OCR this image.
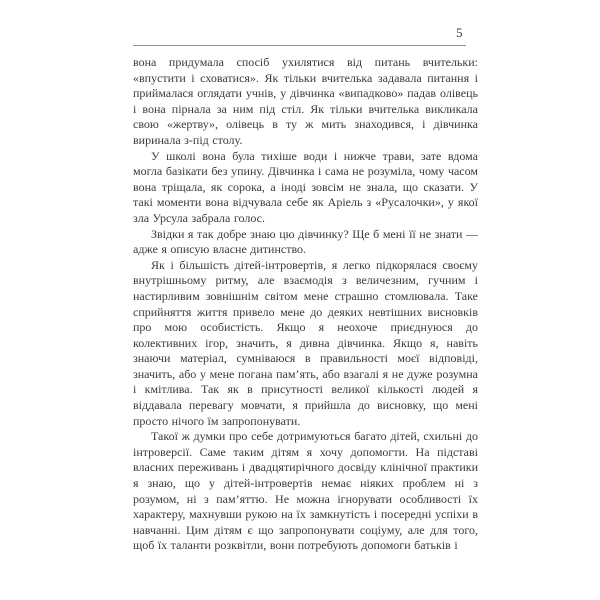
5

вона придумала спосіб ухилятися від питань вчительки: «впустити і сховатися». Як тільки вчителька задавала питання і приймалася оглядати учнів, у дівчинка «випадково» падав олівець і вона пірнала за ним під стіл. Як тільки вчителька викликала свою «жертву», олівець в ту ж мить знаходився, і дівчинка виринала з-під столу.

У школі вона була тихіше води і нижче трави, зате вдома могла базікати без упину. Дівчинка і сама не розуміла, чому часом вона тріщала, як сорока, а іноді зовсім не знала, що сказати. У такі моменти вона відчувала себе як Аріель з «Русалочки», у якої зла Урсула забрала голос.

Звідки я так добре знаю цю дівчинку? Ще б мені її не знати — адже я описую власне дитинство.

Як і більшість дітей-інтровертів, я легко підкорялася своєму внутрішньому ритму, але взаємодія з величезним, гучним і настирливим зовнішнім світом мене страшно стомлювала. Таке сприйняття життя привело мене до деяких невтішних висновків про мою особистість. Якщо я неохоче приєднуюся до колективних ігор, значить, я дивна дівчинка. Якщо я, навіть знаючи матеріал, сумніваюся в правильності моєї відповіді, значить, або у мене погана пам’ять, або взагалі я не дуже розумна і кмітлива. Так як в присутності великої кількості людей я віддавала перевагу мовчати, я прийшла до висновку, що мені просто нічого їм запропонувати.

Такої ж думки про себе дотримуються багато дітей, схильні до інтроверсії. Саме таким дітям я хочу допомогти. На підставі власних переживань і двадцятирічного досвіду клінічної практики я знаю, що у дітей-інтровертів немає ніяких проблем ні з розумом, ні з пам’яттю. Не можна ігнорувати особливості їх характеру, махнувши рукою на їх замкнутість і посередні успіхи в навчанні. Цим дітям є що запропонувати соціуму, але для того, щоб їх таланти розквітли, вони потребують допомоги батьків і
